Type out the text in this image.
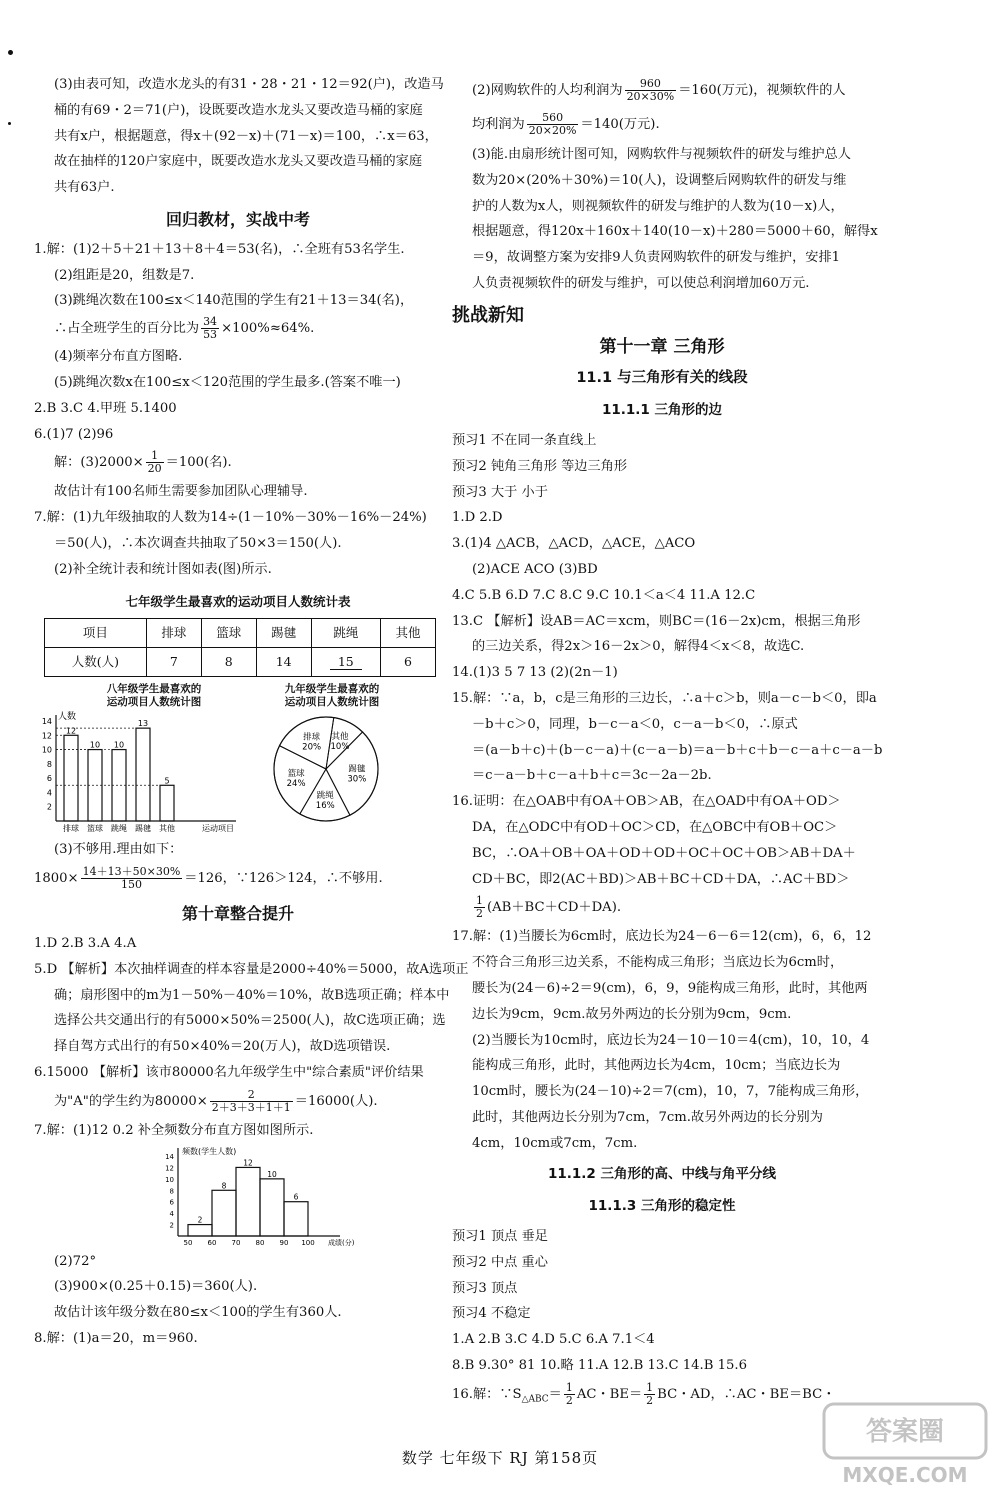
(3)由表可知，改造水龙头的有31・28・21・12＝92(户)，改造马

桶的有69・2＝71(户)，设既要改造水龙头又要改造马桶的家庭

共有x户，根据题意，得x＋(92－x)＋(71－x)＝100，∴x＝63，

故在抽样的120户家庭中，既要改造水龙头又要改造马桶的家庭

共有63户.

回归教材，实战中考

1.解：(1)2＋5＋21＋13＋8＋4＝53(名)，∴全班有53名学生.

(2)组距是20，组数是7.

(3)跳绳次数在100≤x＜140范围的学生有21＋13＝34(名)，

∴占全班学生的百分比为 $\frac{34}{53} \times 100\%\approx 64\%$.

(4)频率分布直方图略.

(5)跳绳次数x在100≤x＜120范围的学生最多.(答案不唯一)

2.B 3.C 4.甲班 5.1400

6.(1)7 (2)96

解：$(3)2000\times \frac{1}{20} =100$(名).

故估计有100名师生需要参加团队心理辅导.

7.解：(1)九年级抽取的人数为14÷(1－10%－30%－16%－24%)

＝50(人)，∴本次调查共抽取了50×3＝150(人).

(2)补全统计表和统计图如表(图)所示.

七年级学生最喜欢的运动项目人数统计表
项目	排球	篮球	踢毽	跳绳	其他
人数(人)	7	8	14	15	6
八年级学生最喜欢的
运动项目人数统计图
九年级学生最喜欢的
运动项目人数统计图
人数
2
4
6
8
10
12
14
12
排球
10
篮球
10
跳绳
13
踢毽
5
其他	运动项目
其他
10%
踢毽
30%
跳绳
16%
篮球
24%
排球
20%

(3)不够用.理由如下：

$1800\times \frac{14+13+50\times 30\%}{150} =126$，∵126＞124，∴不够用.

第十章整合提升

1.D 2.B 3.A 4.A

5.D 【解析】本次抽样调查的样本容量是2000÷40%＝5000，故A选项正

确；扇形图中的m为1－50%－40%＝10%，故B选项正确；样本中

选择公共交通出行的有5000×50%＝2500(人)，故C选项正确；选

择自驾方式出行的有50×40%＝20(万人)，故D选项错误.

6.15000 【解析】该市80000名九年级学生中"综合素质"评价结果

为"A"的学生约为$80000\times \frac{2}{2+3+3+1+1} =16000$(人).

7.解：(1)12 0.2 补全频数分布直方图如图所示.

频数(学生人数)
2
4
6
8
10
12
14
2
8
12
10
6
50 60 70 80 90 100 成绩(分)

(2)72°

(3)900×(0.25＋0.15)＝360(人).

故估计该年级分数在80≤x＜100的学生有360人.

8.解：(1)a＝20，m＝960.

(2)网购软件的人均利润为 $\frac{960}{20\times 30\%} =160$(万元)，视频软件的人

均利润为 $\frac{560}{20\times 20\%} =140$(万元).

(3)能.由扇形统计图可知，网购软件与视频软件的研发与维护总人

数为20×(20%＋30%)＝10(人)，设调整后网购软件的研发与维

护的人数为x人，则视频软件的研发与维护的人数为(10－x)人，

根据题意，得120x＋160x＋140(10－x)＋280＝5000＋60，解得x

＝9，故调整方案为安排9人负责网购软件的研发与维护，安排1

人负责视频软件的研发与维护，可以使总利润增加60万元.

挑战新知
第十一章 三角形
11.1 与三角形有关的线段
11.1.1 三角形的边

预习1 不在同一条直线上

预习2 钝角三角形 等边三角形

预习3 大于 小于

1.D 2.D

3.(1)4 △ACB，△ACD，△ACE，△ACO

(2)ACE ACO (3)BD

4.C 5.B 6.D 7.C 8.C 9.C 10.1＜a＜4 11.A 12.C

13.C 【解析】设AB＝AC＝xcm，则BC＝(16－2x)cm，根据三角形

的三边关系，得2x＞16－2x＞0，解得4＜x＜8，故选C.

14.(1)3 5 7 13 (2)(2n－1)

15.解：∵a，b，c是三角形的三边长，∴a＋c＞b，则a－c－b＜0，即a

－b＋c＞0，同理，b－c－a＜0，c－a－b＜0，∴原式

＝(a－b＋c)＋(b－c－a)＋(c－a－b)＝a－b＋c＋b－c－a＋c－a－b

＝c－a－b＋c－a＋b＋c＝3c－2a－2b.

16.证明：在△OAB中有OA＋OB＞AB，在△OAD中有OA＋OD＞

DA，在△ODC中有OD＋OC＞CD，在△OBC中有OB＋OC＞

BC，∴OA＋OB＋OA＋OD＋OD＋OC＋OC＋OB＞AB＋DA＋

CD＋BC，即2(AC＋BD)＞AB＋BC＋CD＋DA，∴AC＋BD＞

$\frac{1}{2} (AB+BC+CD+DA)$.

17.解：(1)当腰长为6cm时，底边长为24－6－6＝12(cm)，6，6，12

不符合三角形三边关系，不能构成三角形；当底边长为6cm时，

腰长为(24－6)÷2＝9(cm)，6，9，9能构成三角形，此时，其他两

边长为9cm，9cm.故另外两边的长分别为9cm，9cm.

(2)当腰长为10cm时，底边长为24－10－10＝4(cm)，10，10，4

能构成三角形，此时，其他两边长为4cm，10cm；当底边长为

10cm时，腰长为(24－10)÷2＝7(cm)，10，7，7能构成三角形，

此时，其他两边长分别为7cm，7cm.故另外两边的长分别为

4cm，10cm或7cm，7cm.

11.1.2 三角形的高、中线与角平分线
11.1.3 三角形的稳定性

预习1 顶点 垂足

预习2 中点 重心

预习3 顶点

预习4 不稳定

1.A 2.B 3.C 4.D 5.C 6.A 7.1＜4

8.B 9.30° 81 10.略 11.A 12.B 13.C 14.B 15.6

16.解：$\because S_{\triangle ABC}= \frac{1}{2}$ AC・$BE= \frac{1}{2}$ BC・AD，∴AC・BE＝BC・

数学 七年级下 RJ 第158页
答案圈
MXQE.COM
